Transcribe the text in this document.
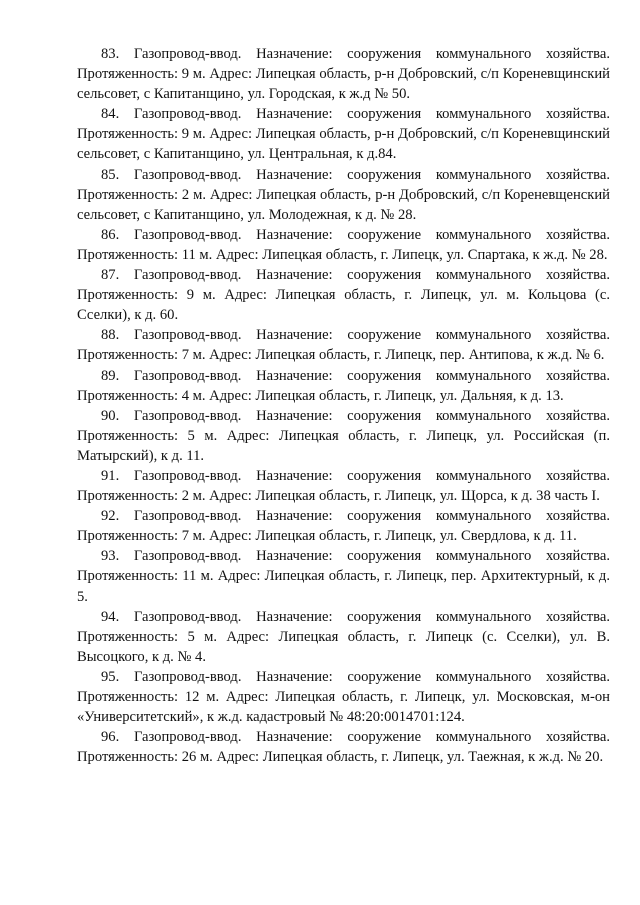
83. Газопровод-ввод. Назначение: сооружения коммунального хозяйства. Протяженность: 9 м. Адрес: Липецкая область, р-н Добровский, с/п Кореневщинский сельсовет, с Капитанщино, ул. Городская, к ж.д № 50.

84. Газопровод-ввод. Назначение: сооружения коммунального хозяйства. Протяженность: 9 м. Адрес: Липецкая область, р-н Добровский, с/п Кореневщинский сельсовет, с Капитанщино, ул. Центральная, к д.84.

85. Газопровод-ввод. Назначение: сооружения коммунального хозяйства. Протяженность: 2 м. Адрес: Липецкая область, р-н Добровский, с/п Кореневщенский сельсовет, с Капитанщино, ул. Молодежная, к д. № 28.

86. Газопровод-ввод. Назначение: сооружение коммунального хозяйства. Протяженность: 11 м. Адрес: Липецкая область, г. Липецк, ул. Спартака, к ж.д. № 28.

87. Газопровод-ввод. Назначение: сооружения коммунального хозяйства. Протяженность: 9 м. Адрес: Липецкая область, г. Липецк, ул. м. Кольцова (с. Сселки), к д. 60.

88. Газопровод-ввод. Назначение: сооружение коммунального хозяйства. Протяженность: 7 м. Адрес: Липецкая область, г. Липецк, пер. Антипова, к ж.д. № 6.

89. Газопровод-ввод. Назначение: сооружения коммунального хозяйства. Протяженность: 4 м. Адрес: Липецкая область, г. Липецк, ул. Дальняя, к д. 13.

90. Газопровод-ввод. Назначение: сооружения коммунального хозяйства. Протяженность: 5 м. Адрес: Липецкая область, г. Липецк, ул. Российская (п. Матырский), к д. 11.

91. Газопровод-ввод. Назначение: сооружения коммунального хозяйства. Протяженность: 2 м. Адрес: Липецкая область, г. Липецк, ул. Щорса, к д. 38 часть I.

92. Газопровод-ввод. Назначение: сооружения коммунального хозяйства. Протяженность: 7 м. Адрес: Липецкая область, г. Липецк, ул. Свердлова, к д. 11.

93. Газопровод-ввод. Назначение: сооружения коммунального хозяйства. Протяженность: 11 м. Адрес: Липецкая область, г. Липецк, пер. Архитектурный, к д. 5.

94. Газопровод-ввод. Назначение: сооружения коммунального хозяйства. Протяженность: 5 м. Адрес: Липецкая область, г. Липецк (с. Сселки), ул. В. Высоцкого, к д. № 4.

95. Газопровод-ввод. Назначение: сооружение коммунального хозяйства. Протяженность: 12 м. Адрес: Липецкая область, г. Липецк, ул. Московская, м-он «Университетский», к ж.д. кадастровый № 48:20:0014701:124.

96. Газопровод-ввод. Назначение: сооружение коммунального хозяйства. Протяженность: 26 м. Адрес: Липецкая область, г. Липецк, ул. Таежная, к ж.д. № 20.
